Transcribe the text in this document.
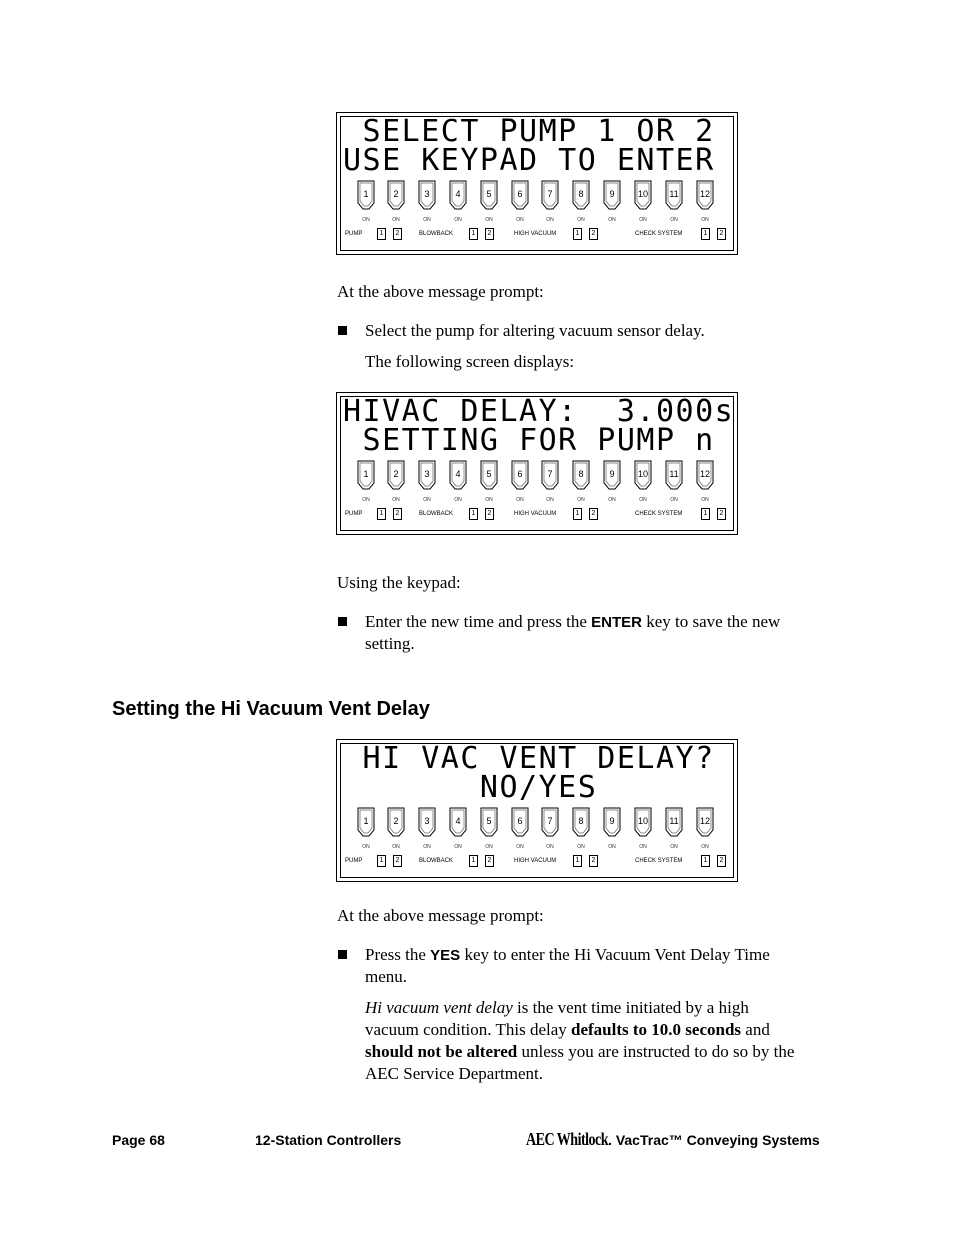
SELECT PUMP 1 OR 2

USE KEYPAD TO ENTER

1
ON
2
ON
3
ON
4
ON
5
ON
6
ON
7
ON
8
ON
9
ON
10
ON
11
ON
12
ON
PUMP	BLOWBACK	HIGH VACUUM	CHECK SYSTEM
1	2	1	2	1	2	1	2

HIVAC DELAY:  3.000s

SETTING FOR PUMP n

1
ON
2
ON
3
ON
4
ON
5
ON
6
ON
7
ON
8
ON
9
ON
10
ON
11
ON
12
ON
PUMP	BLOWBACK	HIGH VACUUM	CHECK SYSTEM
1	2	1	2	1	2	1	2

HI VAC VENT DELAY?

NO/YES

1
ON
2
ON
3
ON
4
ON
5
ON
6
ON
7
ON
8
ON
9
ON
10
ON
11
ON
12
ON
PUMP	BLOWBACK	HIGH VACUUM	CHECK SYSTEM
1	2	1	2	1	2	1	2
At the above message prompt:
Select the pump for altering vacuum sensor delay.
The following screen displays:
Using the keypad:
Enter the new time and press the ENTER key to save the new
setting.
Setting the Hi Vacuum Vent Delay
At the above message prompt:
Press the YES key to enter the Hi Vacuum Vent Delay Time
menu.
Hi vacuum vent delay is the vent time initiated by a high
vacuum condition. This delay defaults to 10.0 seconds and
should not be altered unless you are instructed to do so by the
AEC Service Department.
Page 68	12-Station Controllers	AEC Whitlock . VacTrac™ Conveying Systems
